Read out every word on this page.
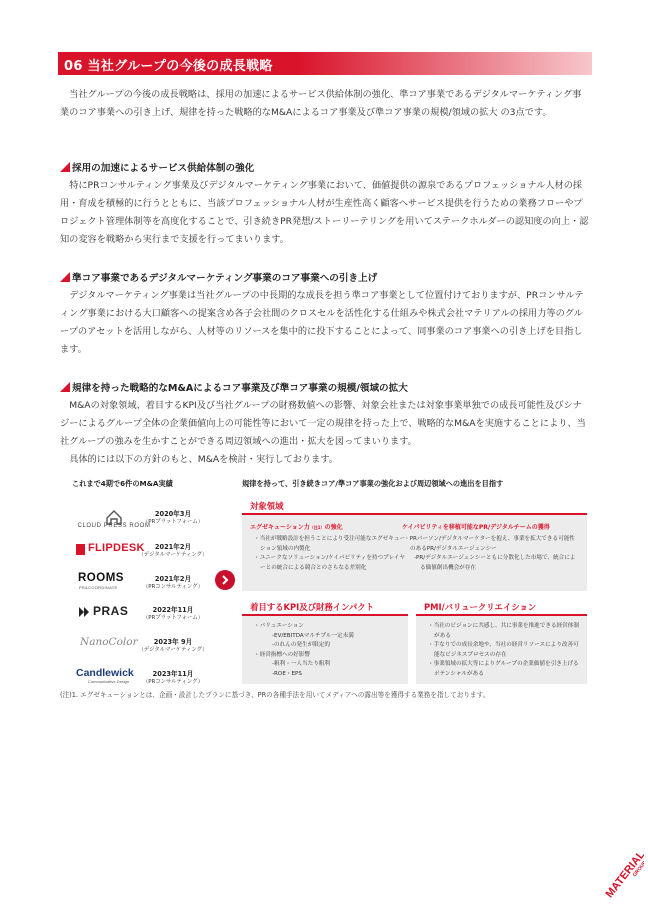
06 当社グループの今後の成長戦略

当社グループの今後の成長戦略は、採用の加速によるサービス供給体制の強化、準コア事業であるデジタルマーケティング事業のコア事業への引き上げ、規律を持った戦略的なM&Aによるコア事業及び準コア事業の規模/領域の拡大 の3点です。

採用の加速によるサービス供給体制の強化

特にPRコンサルティング事業及びデジタルマーケティング事業において、価値提供の源泉であるプロフェッショナル人材の採用・育成を積極的に行うとともに、当該プロフェッショナル人材が生産性高く顧客へサービス提供を行うための業務フローやプロジェクト管理体制等を高度化することで、引き続きPR発想/ストーリーテリングを用いてステークホルダーの認知度の向上・認知の変容を戦略から実行まで支援を行ってまいります。

準コア事業であるデジタルマーケティング事業のコア事業への引き上げ

デジタルマーケティング事業は当社グループの中長期的な成長を担う準コア事業として位置付けておりますが、PRコンサルティング事業における大口顧客への提案含め各子会社間のクロスセルを活性化する仕組みや株式会社マテリアルの採用力等のグループのアセットを活用しながら、人材等のリソースを集中的に投下することによって、同事業のコア事業への引き上げを目指します。

規律を持った戦略的なM&Aによるコア事業及び準コア事業の規模/領域の拡大

M&Aの対象領域、着目するKPI及び当社グループの財務数値への影響、対象会社または対象事業単独での成長可能性及びシナジーによるグループ全体の企業価値向上の可能性等において一定の規律を持った上で、戦略的なM&Aを実施することにより、当社グループの強みを生かすことができる周辺領域への進出・拡大を図ってまいります。

具体的には以下の方針のもと、M&Aを検討・実行しております。

これまで4期で6件のM&A実績	規律を持って、引き続きコア/準コア事業の強化および周辺領域への進出を目指す
CLOUD PRESS ROOM
2020年3月
（PRプラットフォーム）
FLIPDESK	2021年2月
（デジタルマーケティング）
ROOMS
PR&COORDINATE
2021年2月
（PRコンサルティング）
PRAS	2022年11月
（PRプラットフォーム）
NanoColor	2023年 9月
（デジタルマーケティング）
Candlewick
Communicative Design
2023年11月
（PRコンサルティング）
対象領域
エグゼキューション力（注1）の強化

・当社が戦略設計を担うことにより受注可能なエグゼキューション領域の内製化

・ユニークなソリューション/ケイパビリティを持つプレイヤーとの統合による競合とのさらなる差別化

ケイパビリティを移植可能なPR/デジタルチームの獲得

・PRパーソン/デジタルマーケターを抱え、事業を拡大できる可能性のあるPR/デジタルエージェンシー

-PR/デジタルエージェンシーともに分散化した市場で、統合による価値創出機会が存在

着目するKPI及び財務インパクト

・バリュエーション

-EV/EBITDAマルチプル一定未満

-のれんの発生が限定的

・経営指標への好影響

-粗利・一人当たり粗利

-ROE・EPS

PMI/バリュークリエイション

・当社のビジョンに共感し、共に事業を推進できる経営体制がある

・手なりでの成長余地や、当社の経営リソースにより改善可能なビジネスプロセスの存在

・事業領域の拡大等によりグループの企業価値を引き上げるポテンシャルがある

(注)1. エグゼキューションとは、企画・設計したプランに基づき、PRの各種手法を用いてメディアへの露出等を獲得する業務を指しております。
MATERIAL
GROUP
